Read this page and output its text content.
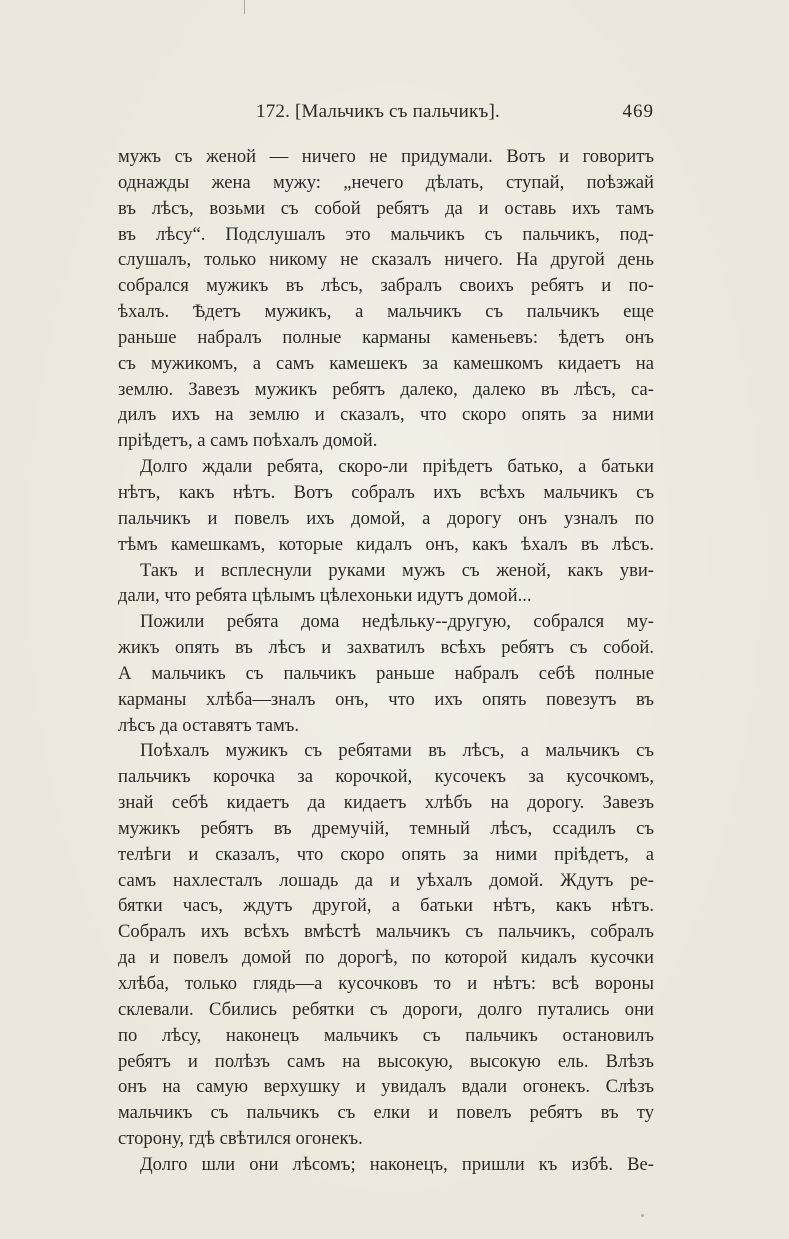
172. [Мальчикъ съ пальчикъ].	469
мужъ съ женой — ничего не придумали. Вотъ и говоритъ
однажды жена мужу: „нечего дѣлать, ступай, поѣзжай
въ лѣсъ, возьми съ собой ребятъ да и оставь ихъ тамъ
въ лѣсу“. Подслушалъ это мальчикъ съ пальчикъ, под-
слушалъ, только никому не сказалъ ничего. На другой день
собрался мужикъ въ лѣсъ, забралъ своихъ ребятъ и по-
ѣхалъ. Ѣдетъ мужикъ, а мальчикъ съ пальчикъ еще
раньше набралъ полные карманы каменьевъ: ѣдетъ онъ
съ мужикомъ, а самъ камешекъ за камешкомъ кидаетъ на
землю. Завезъ мужикъ ребятъ далеко, далеко въ лѣсъ, са-
дилъ ихъ на землю и сказалъ, что скоро опять за ними
пріѣдетъ, а самъ поѣхалъ домой.
Долго ждали ребята, скоро-ли пріѣдетъ батько, а батьки
нѣтъ, какъ нѣтъ. Вотъ собралъ ихъ всѣхъ мальчикъ съ
пальчикъ и повелъ ихъ домой, а дорогу онъ узналъ по
тѣмъ камешкамъ, которые кидалъ онъ, какъ ѣхалъ въ лѣсъ.
Такъ и всплеснули руками мужъ съ женой, какъ уви-
дали, что ребята цѣлымъ цѣлехоньки идутъ домой...
Пожили ребята дома недѣльку--другую, собрался му-
жикъ опять въ лѣсъ и захватилъ всѣхъ ребятъ съ собой.
А мальчикъ съ пальчикъ раньше набралъ себѣ полные
карманы хлѣба—зналъ онъ, что ихъ опять повезутъ въ
лѣсъ да оставятъ тамъ.
Поѣхалъ мужикъ съ ребятами въ лѣсъ, а мальчикъ съ
пальчикъ корочка за корочкой, кусочекъ за кусочкомъ,
знай себѣ кидаетъ да кидаетъ хлѣбъ на дорогу. Завезъ
мужикъ ребятъ въ дремучій, темный лѣсъ, ссадилъ съ
телѣги и сказалъ, что скоро опять за ними пріѣдетъ, а
самъ нахлесталъ лошадь да и уѣхалъ домой. Ждутъ ре-
бятки часъ, ждутъ другой, а батьки нѣтъ, какъ нѣтъ.
Собралъ ихъ всѣхъ вмѣстѣ мальчикъ съ пальчикъ, собралъ
да и повелъ домой по дорогѣ, по которой кидалъ кусочки
хлѣба, только глядь—а кусочковъ то и нѣтъ: всѣ вороны
склевали. Сбились ребятки съ дороги, долго путались они
по лѣсу, наконецъ мальчикъ съ пальчикъ остановилъ
ребятъ и полѣзъ самъ на высокую, высокую ель. Влѣзъ
онъ на самую верхушку и увидалъ вдали огонекъ. Слѣзъ
мальчикъ съ пальчикъ съ елки и повелъ ребятъ въ ту
сторону, гдѣ свѣтился огонекъ.
Долго шли они лѣсомъ; наконецъ, пришли къ избѣ. Ве-
